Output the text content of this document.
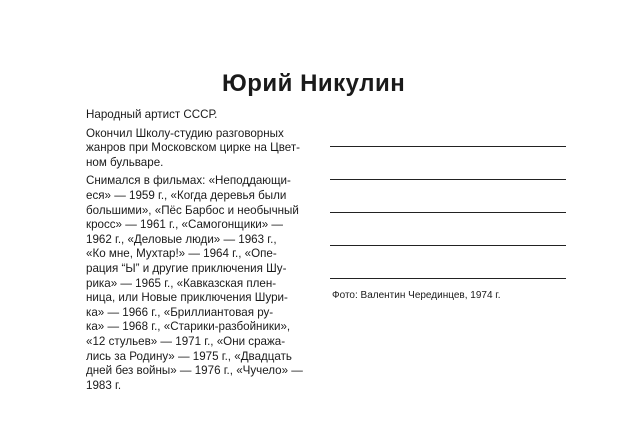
Юрий Никулин

Народный артист СССР.

Окончил Школу-студию разговорных
жанров при Московском цирке на Цвет-
ном бульваре.

Снимался в фильмах: «Неподдающи-
еся» — 1959 г., «Когда деревья были
большими», «Пёс Барбос и необычный
кросс» — 1961 г., «Самогонщики» —
1962 г., «Деловые люди» — 1963 г.,
«Ко мне, Мухтар!» — 1964 г., «Опе-
рация “Ы” и другие приключения Шу-
рика» — 1965 г., «Кавказская плен-
ница, или Новые приключения Шури-
ка» — 1966 г., «Бриллиантовая ру-
ка» — 1968 г., «Старики-разбойники»,
«12 стульев» — 1971 г., «Они сража-
лись за Родину» — 1975 г., «Двадцать
дней без войны» — 1976 г., «Чучело» —
1983 г.

Фото: Валентин Черединцев, 1974 г.
